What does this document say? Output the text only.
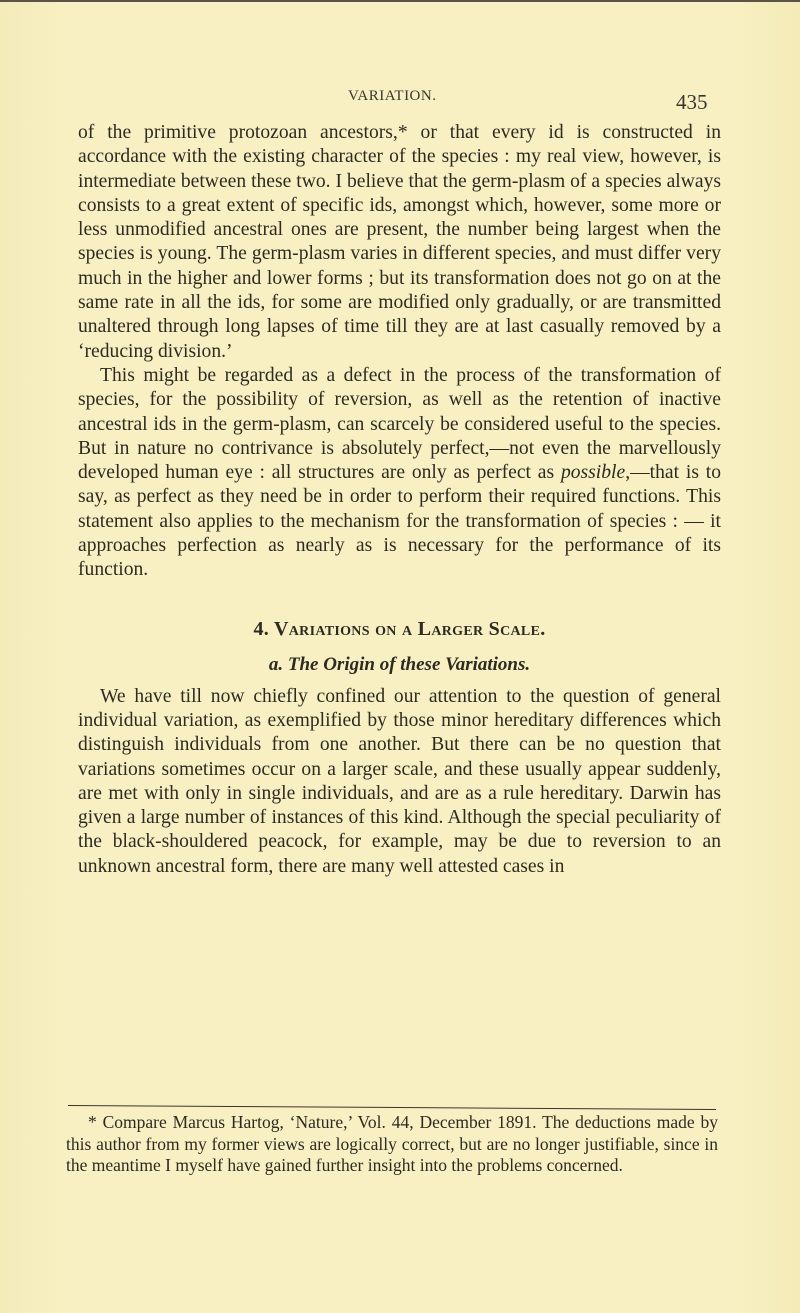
VARIATION.	435

of the primitive protozoan ancestors,* or that every id is constructed in accordance with the existing character of the species : my real view, however, is intermediate between these two. I believe that the germ-plasm of a species always consists to a great extent of specific ids, amongst which, however, some more or less unmodified ancestral ones are present, the number being largest when the species is young. The germ-plasm varies in different species, and must differ very much in the higher and lower forms ; but its transformation does not go on at the same rate in all the ids, for some are modified only gradually, or are transmitted unaltered through long lapses of time till they are at last casually removed by a ‘reducing division.’

This might be regarded as a defect in the process of the transformation of species, for the possibility of reversion, as well as the retention of inactive ancestral ids in the germ-plasm, can scarcely be considered useful to the species. But in nature no contrivance is absolutely perfect,—not even the marvellously developed human eye : all structures are only as perfect as possible,—that is to say, as perfect as they need be in order to perform their required functions. This statement also applies to the mechanism for the transformation of species : — it approaches perfection as nearly as is necessary for the performance of its function.

4. Variations on a Larger Scale.
a. The Origin of these Variations.

We have till now chiefly confined our attention to the question of general individual variation, as exemplified by those minor hereditary differences which distinguish individuals from one another. But there can be no question that variations sometimes occur on a larger scale, and these usually appear suddenly, are met with only in single individuals, and are as a rule hereditary. Darwin has given a large number of instances of this kind. Although the special peculiarity of the black-shouldered peacock, for example, may be due to reversion to an unknown ancestral form, there are many well attested cases in

* Compare Marcus Hartog, ‘Nature,’ Vol. 44, December 1891. The deductions made by this author from my former views are logically correct, but are no longer justifiable, since in the meantime I myself have gained further insight into the problems concerned.
